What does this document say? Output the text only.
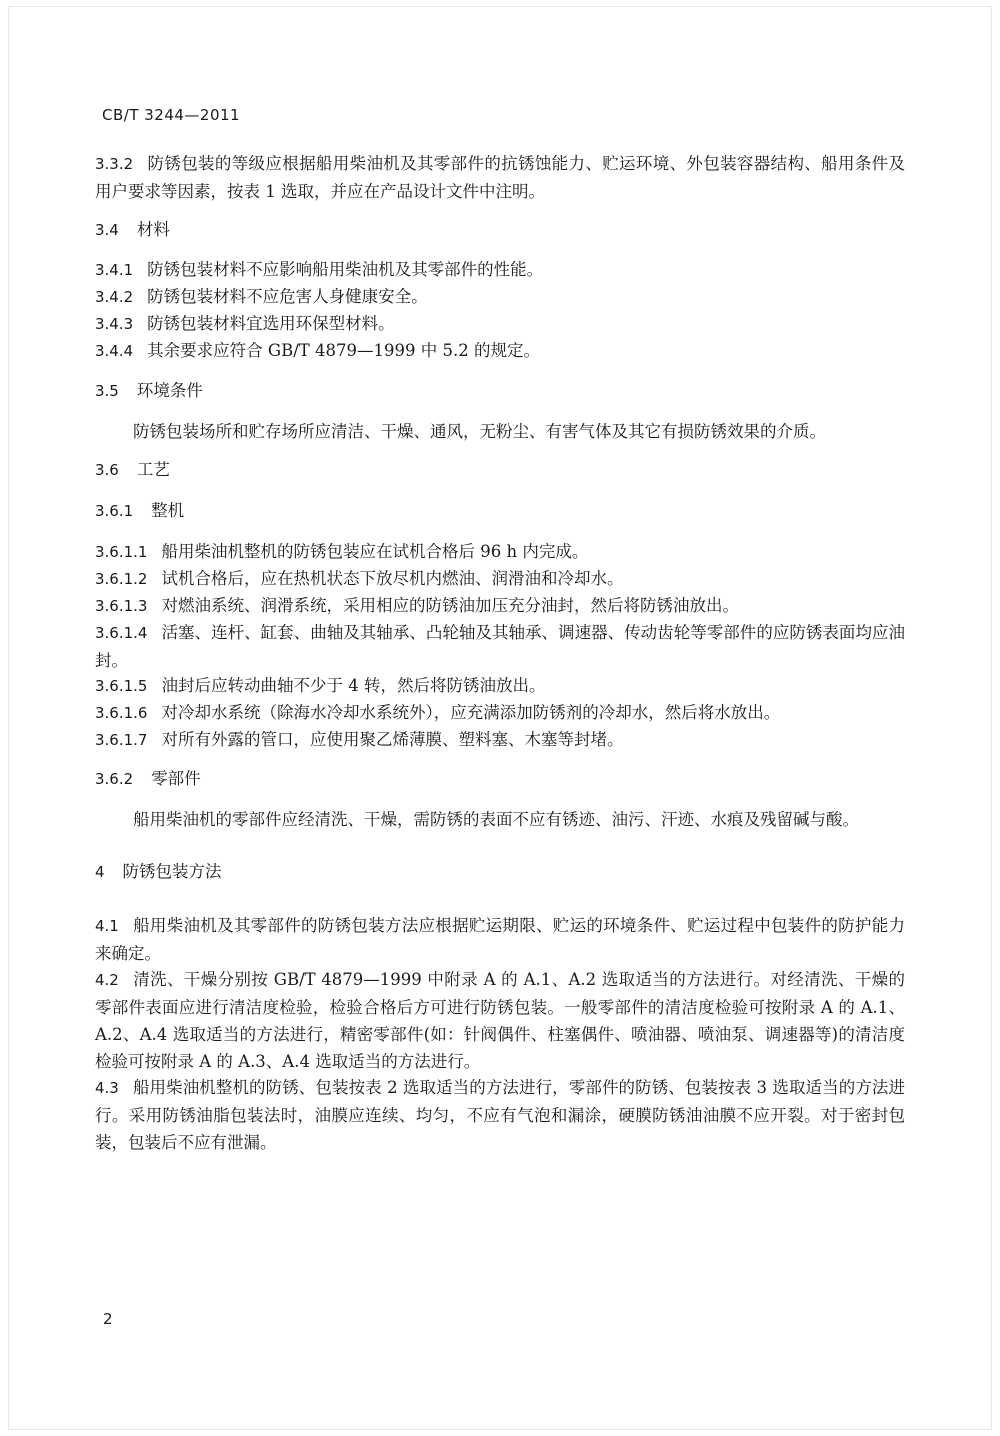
CB/T 3244—2011

3.3.2 防锈包装的等级应根据船用柴油机及其零部件的抗锈蚀能力、贮运环境、外包装容器结构、船用条件及用户要求等因素，按表 1 选取，并应在产品设计文件中注明。

3.4 材料

3.4.1 防锈包装材料不应影响船用柴油机及其零部件的性能。

3.4.2 防锈包装材料不应危害人身健康安全。

3.4.3 防锈包装材料宜选用环保型材料。

3.4.4 其余要求应符合 GB/T 4879—1999 中 5.2 的规定。

3.5 环境条件

防锈包装场所和贮存场所应清洁、干燥、通风，无粉尘、有害气体及其它有损防锈效果的介质。

3.6 工艺

3.6.1 整机

3.6.1.1 船用柴油机整机的防锈包装应在试机合格后 96 h 内完成。

3.6.1.2 试机合格后，应在热机状态下放尽机内燃油、润滑油和冷却水。

3.6.1.3 对燃油系统、润滑系统，采用相应的防锈油加压充分油封，然后将防锈油放出。

3.6.1.4 活塞、连杆、缸套、曲轴及其轴承、凸轮轴及其轴承、调速器、传动齿轮等零部件的应防锈表面均应油封。

3.6.1.5 油封后应转动曲轴不少于 4 转，然后将防锈油放出。

3.6.1.6 对冷却水系统（除海水冷却水系统外），应充满添加防锈剂的冷却水，然后将水放出。

3.6.1.7 对所有外露的管口，应使用聚乙烯薄膜、塑料塞、木塞等封堵。

3.6.2 零部件

船用柴油机的零部件应经清洗、干燥，需防锈的表面不应有锈迹、油污、汗迹、水痕及残留碱与酸。

4 防锈包装方法

4.1 船用柴油机及其零部件的防锈包装方法应根据贮运期限、贮运的环境条件、贮运过程中包装件的防护能力来确定。

4.2 清洗、干燥分别按 GB/T 4879—1999 中附录 A 的 A.1、A.2 选取适当的方法进行。对经清洗、干燥的零部件表面应进行清洁度检验，检验合格后方可进行防锈包装。一般零部件的清洁度检验可按附录 A 的 A.1、A.2、A.4 选取适当的方法进行，精密零部件(如：针阀偶件、柱塞偶件、喷油器、喷油泵、调速器等)的清洁度检验可按附录 A 的 A.3、A.4 选取适当的方法进行。

4.3 船用柴油机整机的防锈、包装按表 2 选取适当的方法进行，零部件的防锈、包装按表 3 选取适当的方法进行。采用防锈油脂包装法时，油膜应连续、均匀，不应有气泡和漏涂，硬膜防锈油油膜不应开裂。对于密封包装，包装后不应有泄漏。

2
